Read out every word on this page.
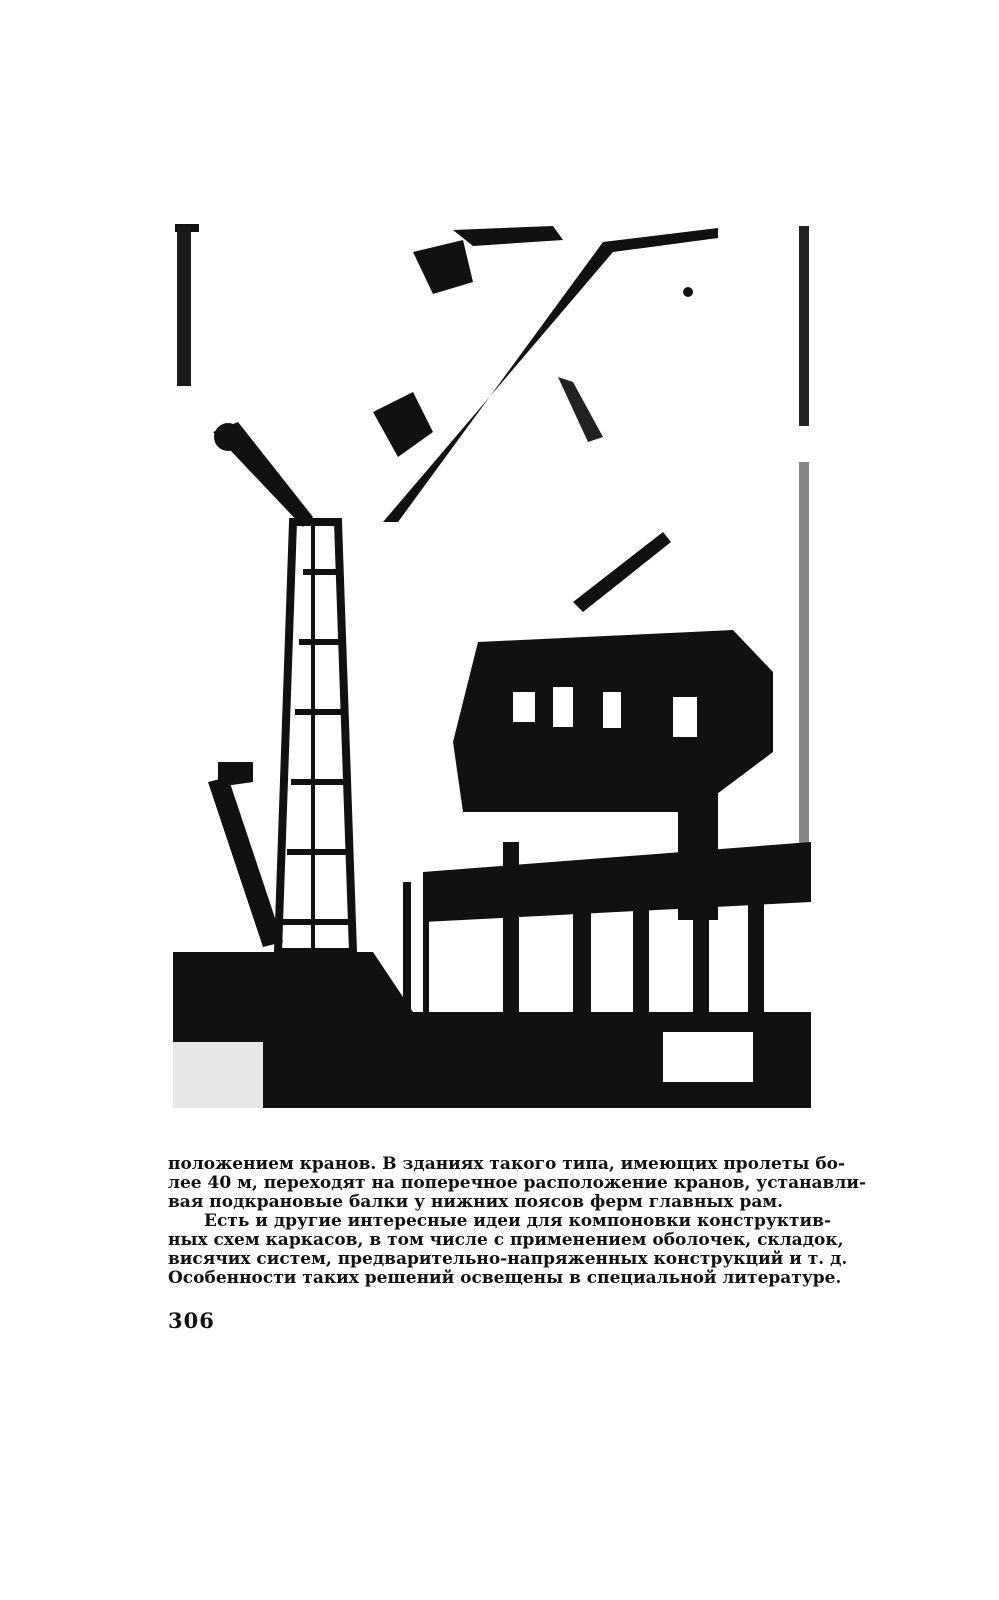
положением кранов. В зданиях такого типа, имеющих пролеты бо-
лее 40 м, переходят на поперечное расположение кранов, устанавли-
вая подкрановые балки у нижних поясов ферм главных рам.

Есть и другие интересные идеи для компоновки конструктив-
ных схем каркасов, в том числе с применением оболочек, складок,
висячих систем, предварительно-напряженных конструкций и т. д.
Особенности таких решений освещены в специальной литературе.

306
